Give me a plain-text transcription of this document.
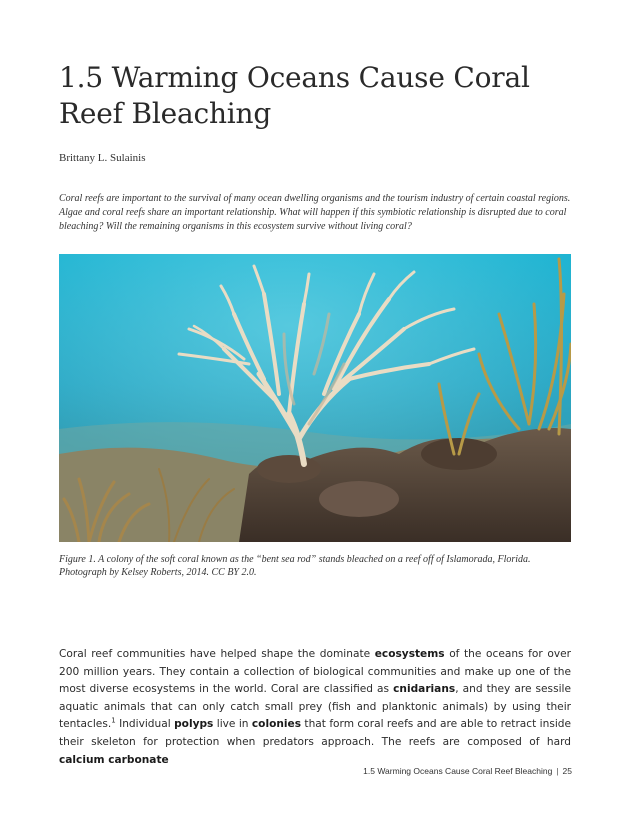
1.5 Warming Oceans Cause Coral Reef Bleaching
Brittany L. Sulainis
Coral reefs are important to the survival of many ocean dwelling organisms and the tourism industry of certain coastal regions. Algae and coral reefs share an important relationship. What will happen if this symbiotic relationship is disrupted due to coral bleaching? Will the remaining organisms in this ecosystem survive without living coral?
Figure 1. A colony of the soft coral known as the “bent sea rod” stands bleached on a reef off of Islamorada, Florida.
Photograph by Kelsey Roberts, 2014. CC BY 2.0.
Coral reef communities have helped shape the dominate ecosystems of the oceans for over 200 million years. They contain a collection of biological communities and make up one of the most diverse ecosystems in the world. Coral are classified as cnidarians, and they are sessile aquatic animals that can only catch small prey (fish and planktonic animals) by using their tentacles.$^1$ Individual polyps live in colonies that form coral reefs and are able to retract inside their skeleton for protection when predators approach. The reefs are composed of hard calcium carbonate
1.5 Warming Oceans Cause Coral Reef Bleaching | 25
